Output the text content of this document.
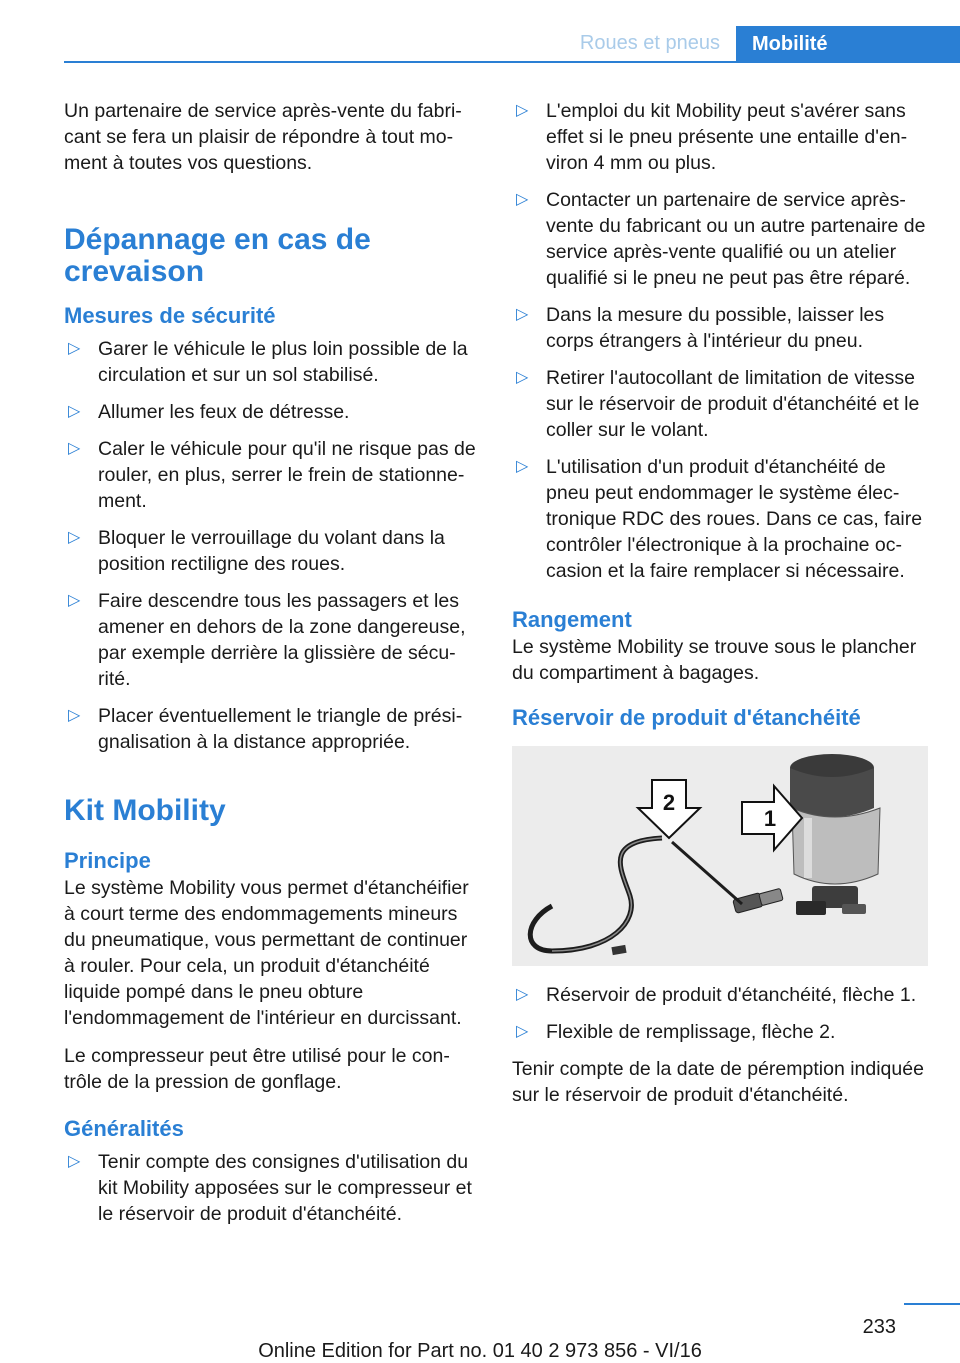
Roues et pneus	Mobilité

Un partenaire de service après-vente du fabricant se fera un plaisir de répondre à tout moment à toutes vos questions.

Dépannage en cas de crevaison
Mesures de sécurité
▷ Garer le véhicule le plus loin possible de la circulation et sur un sol stabilisé.
▷ Allumer les feux de détresse.
▷ Caler le véhicule pour qu'il ne risque pas de rouler, en plus, serrer le frein de stationnement.
▷ Bloquer le verrouillage du volant dans la position rectiligne des roues.
▷ Faire descendre tous les passagers et les amener en dehors de la zone dangereuse, par exemple derrière la glissière de sécurité.
▷ Placer éventuellement le triangle de présignalisation à la distance appropriée.
Kit Mobility
Principe

Le système Mobility vous permet d'étanchéifier à court terme des endommagements mineurs du pneumatique, vous permettant de continuer à rouler. Pour cela, un produit d'étanchéité liquide pompé dans le pneu obture l'endommagement de l'intérieur en durcissant.

Le compresseur peut être utilisé pour le contrôle de la pression de gonflage.

Généralités
▷ Tenir compte des consignes d'utilisation du kit Mobility apposées sur le compresseur et le réservoir de produit d'étanchéité.
▷ L'emploi du kit Mobility peut s'avérer sans effet si le pneu présente une entaille d'environ 4 mm ou plus.
▷ Contacter un partenaire de service après-vente du fabricant ou un autre partenaire de service après-vente qualifié ou un atelier qualifié si le pneu ne peut pas être réparé.
▷ Dans la mesure du possible, laisser les corps étrangers à l'intérieur du pneu.
▷ Retirer l'autocollant de limitation de vitesse sur le réservoir de produit d'étanchéité et le coller sur le volant.
▷ L'utilisation d'un produit d'étanchéité de pneu peut endommager le système électronique RDC des roues. Dans ce cas, faire contrôler l'électronique à la prochaine occasion et la faire remplacer si nécessaire.
Rangement

Le système Mobility se trouve sous le plancher du compartiment à bagages.

Réservoir de produit d'étanchéité
2
1
▷ Réservoir de produit d'étanchéité, flèche 1.
▷ Flexible de remplissage, flèche 2.

Tenir compte de la date de péremption indiquée sur le réservoir de produit d'étanchéité.

233
Online Edition for Part no. 01 40 2 973 856 - VI/16
